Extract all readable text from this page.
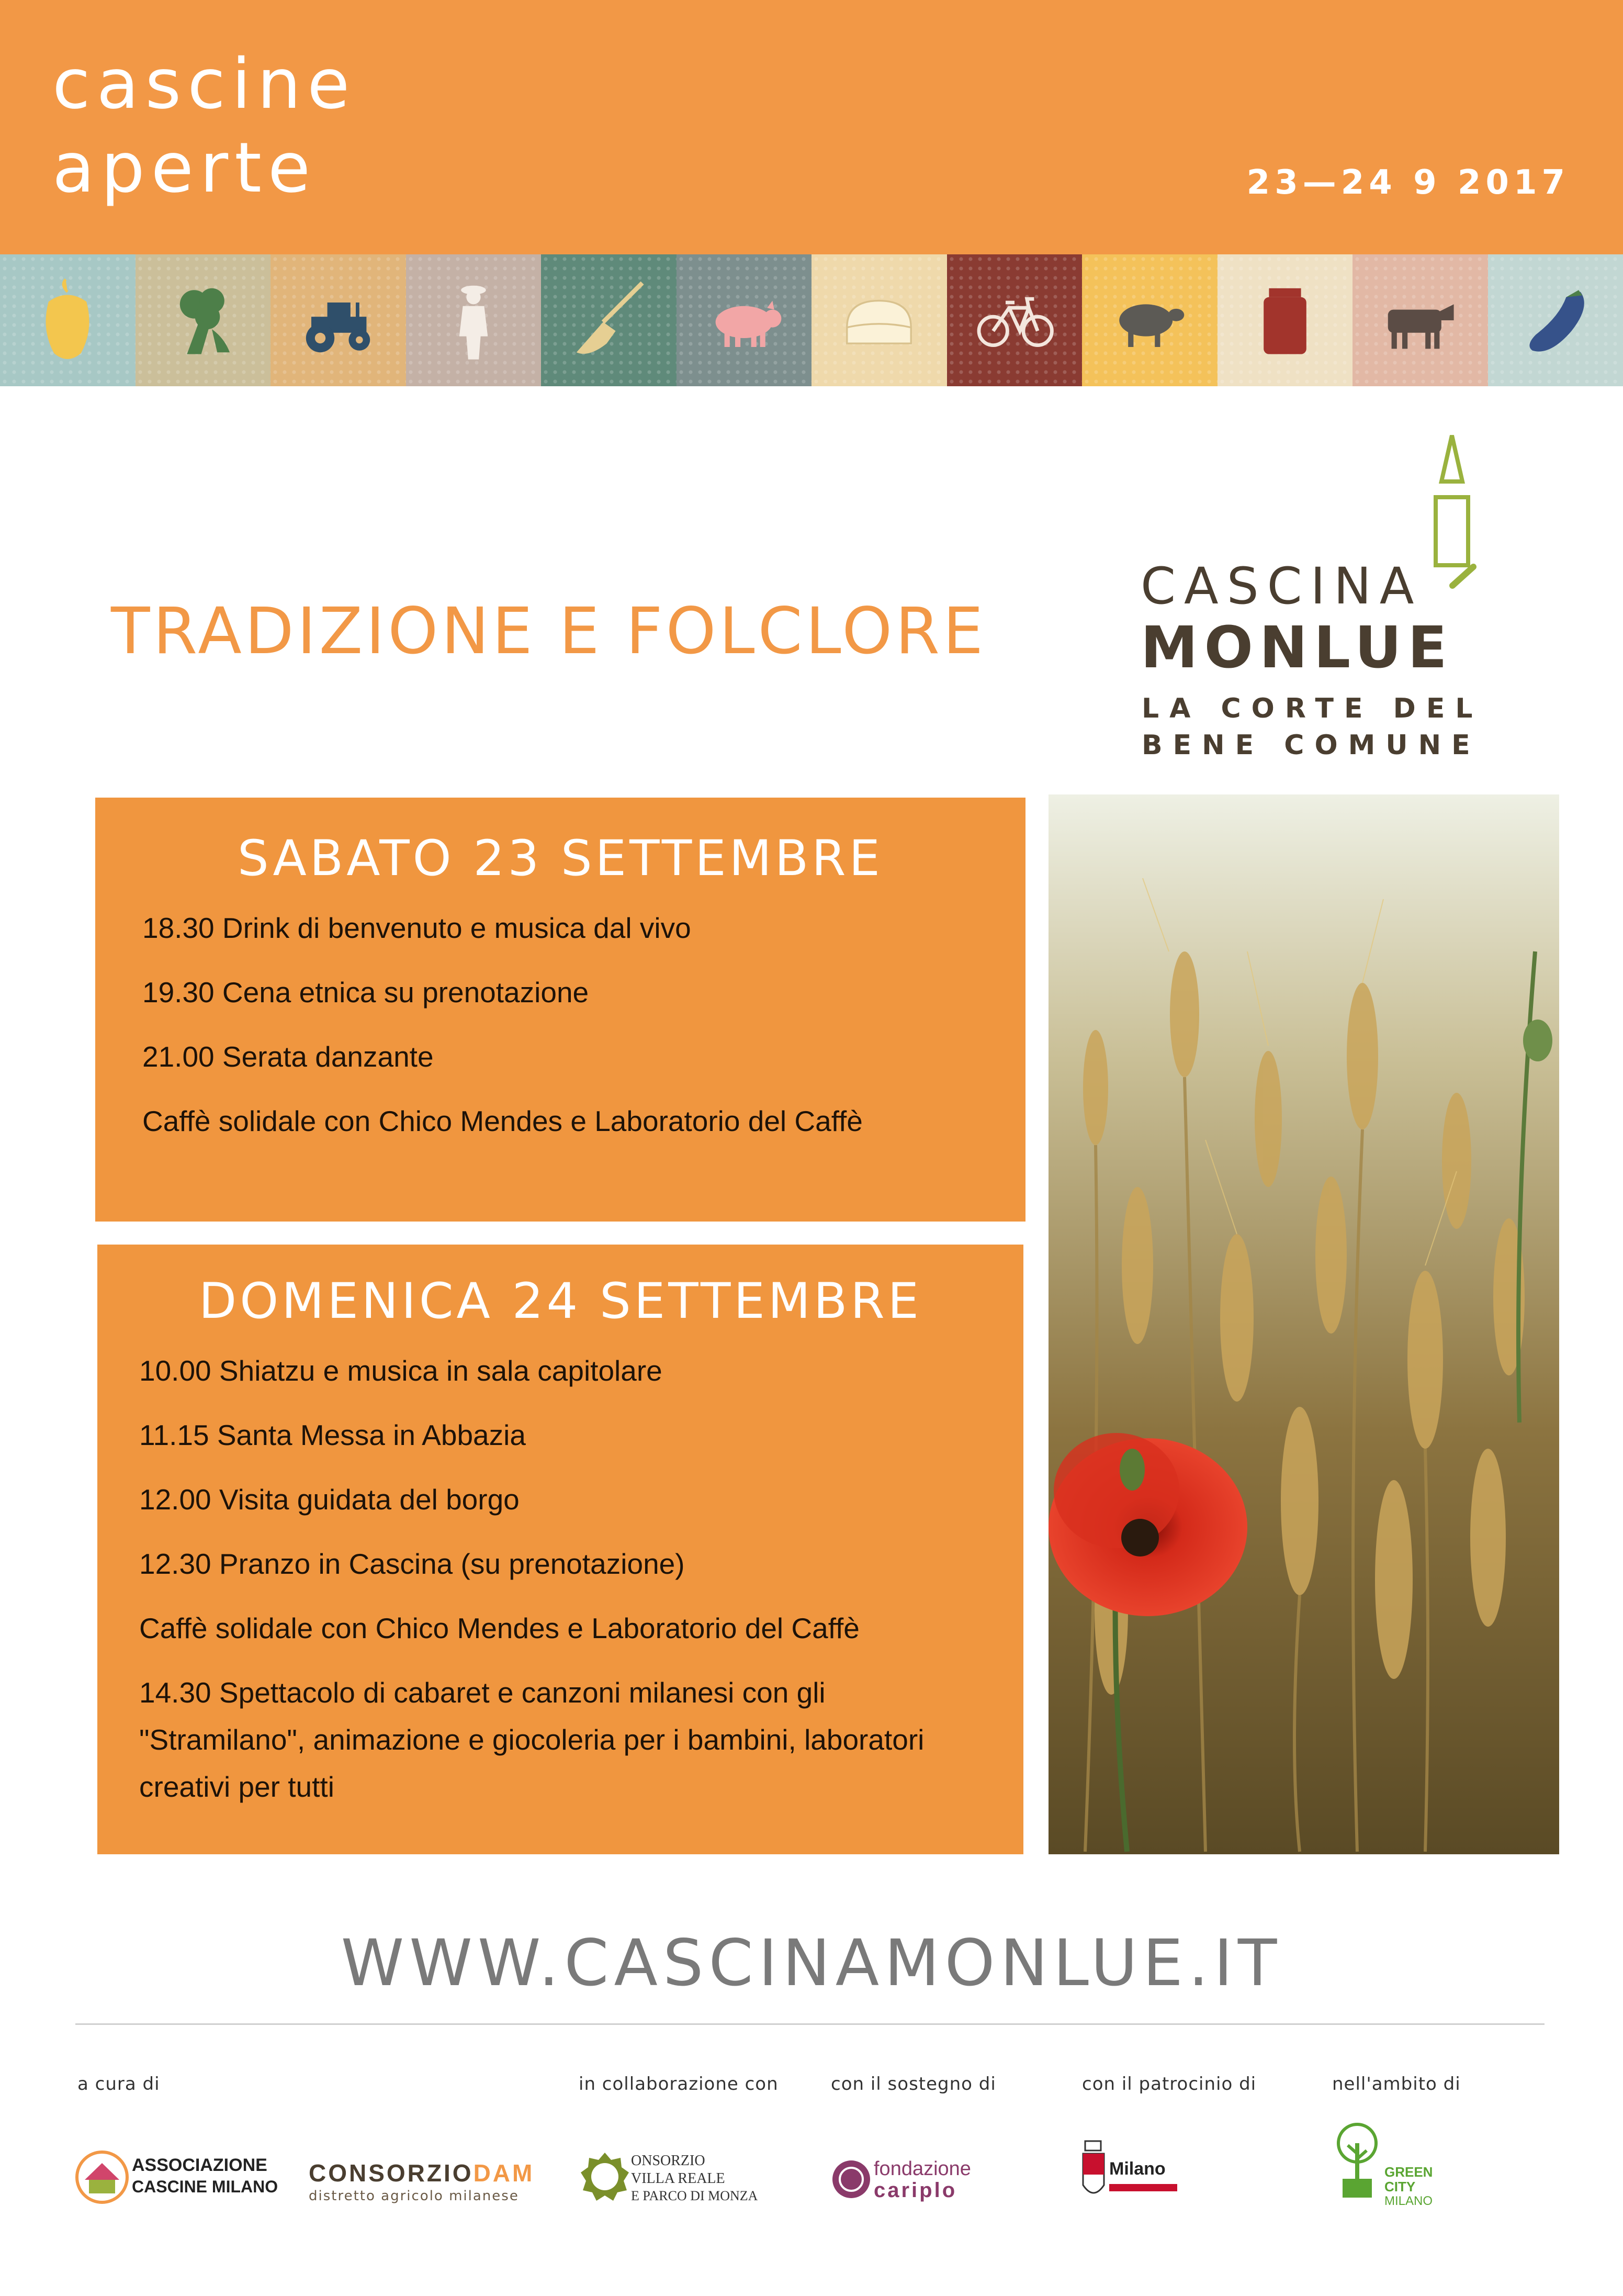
cascine
aperte	23—24 9 2017
TRADIZIONE E FOLCLORE
CASCINA
MONLUE
LA CORTE DEL
BENE COMUNE
SABATO 23 SETTEMBRE

18.30 Drink di benvenuto e musica dal vivo

19.30 Cena etnica su prenotazione

21.00 Serata danzante

Caffè solidale con Chico Mendes e Laboratorio del Caffè

DOMENICA 24 SETTEMBRE

10.00 Shiatzu e musica in sala capitolare

11.15 Santa Messa in Abbazia

12.00 Visita guidata del borgo

12.30 Pranzo in Cascina (su prenotazione)

Caffè solidale con Chico Mendes e Laboratorio del Caffè

14.30 Spettacolo di cabaret e canzoni milanesi con gli "Stramilano", animazione e giocoleria per i bambini, laboratori creativi per tutti

WWW.CASCINAMONLUE.IT
a cura di	in collaborazione con	con il sostegno di	con il patrocinio di	nell'ambito di
ASSOCIAZIONE
CASCINE MILANO CONSORZIODAM
distretto agricolo milanese
ONSORZIO
VILLA REALE
E PARCO DI MONZA
fondazione
cariplo
Milano	GREEN
CITY
MILANO
